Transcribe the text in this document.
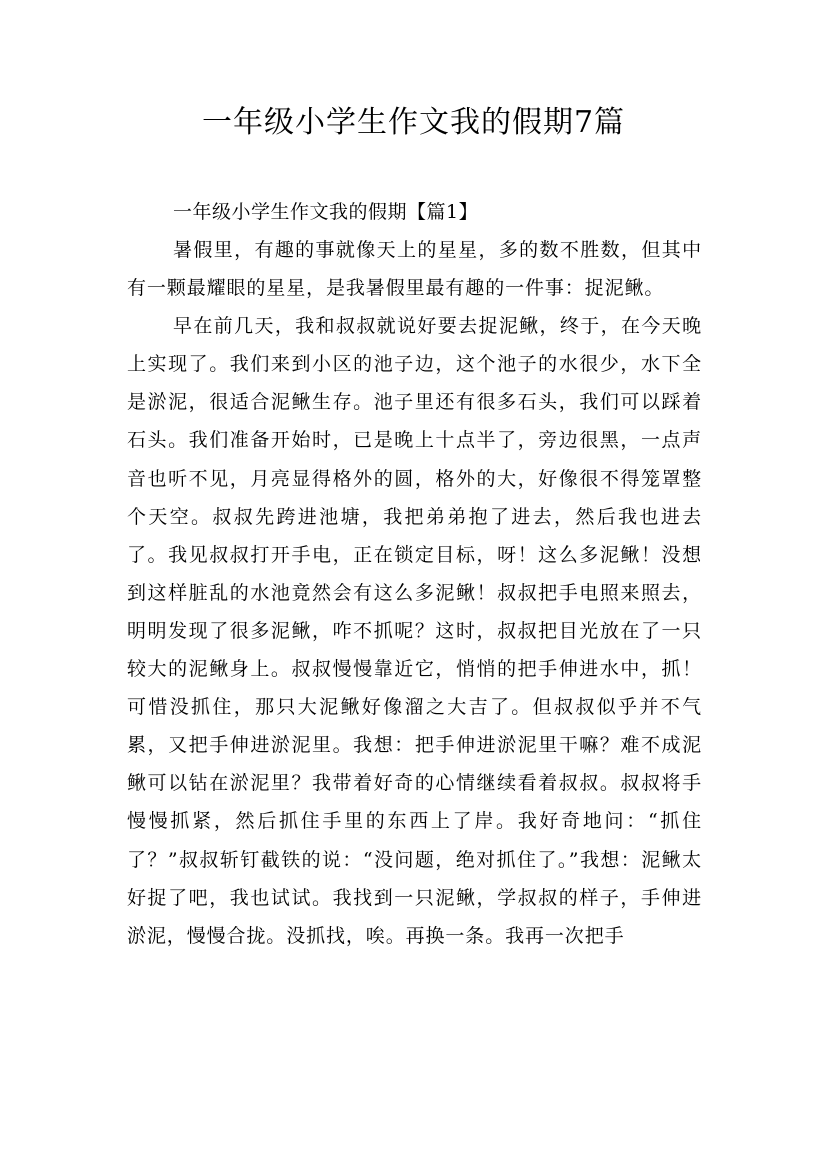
一年级小学生作文我的假期7篇

一年级小学生作文我的假期【篇1】

暑假里，有趣的事就像天上的星星，多的数不胜数，但其中有一颗最耀眼的星星，是我暑假里最有趣的一件事：捉泥鳅。

早在前几天，我和叔叔就说好要去捉泥鳅，终于，在今天晚上实现了。我们来到小区的池子边，这个池子的水很少，水下全是淤泥，很适合泥鳅生存。池子里还有很多石头，我们可以踩着石头。我们准备开始时，已是晚上十点半了，旁边很黑，一点声音也听不见，月亮显得格外的圆，格外的大，好像很不得笼罩整个天空。叔叔先跨进池塘，我把弟弟抱了进去，然后我也进去了。我见叔叔打开手电，正在锁定目标，呀！这么多泥鳅！没想到这样脏乱的水池竟然会有这么多泥鳅！叔叔把手电照来照去，明明发现了很多泥鳅，咋不抓呢？这时，叔叔把目光放在了一只较大的泥鳅身上。叔叔慢慢靠近它，悄悄的把手伸进水中，抓！可惜没抓住，那只大泥鳅好像溜之大吉了。但叔叔似乎并不气累，又把手伸进淤泥里。我想：把手伸进淤泥里干嘛？难不成泥鳅可以钻在淤泥里？我带着好奇的心情继续看着叔叔。叔叔将手慢慢抓紧，然后抓住手里的东西上了岸。我好奇地问：“抓住了？”叔叔斩钉截铁的说：“没问题，绝对抓住了。”我想：泥鳅太好捉了吧，我也试试。我找到一只泥鳅，学叔叔的样子，手伸进淤泥，慢慢合拢。没抓找，唉。再换一条。我再一次把手
